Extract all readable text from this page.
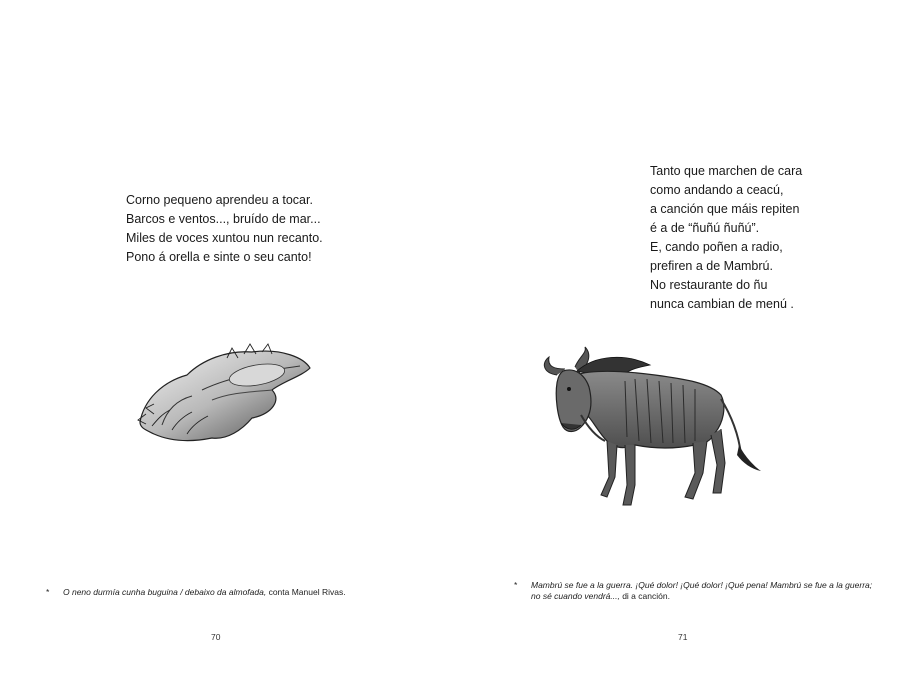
Corno pequeno aprendeu a tocar.
Barcos e ventos..., bruído de mar...
Miles de voces xuntou nun recanto.
Pono á orella e sinte o seu canto!
* O neno durmía cunha buguina / debaixo da almofada, conta Manuel Rivas.
70
Tanto que marchen de cara
como andando a ceacú,
a canción que máis repiten
é a de “ñuñú ñuñú”.
E, cando poñen a radio,
prefiren a de Mambrú.
No restaurante do ñu
nunca cambian de menú .
* Mambrú se fue a la guerra. ¡Qué dolor! ¡Qué dolor! ¡Qué pena! Mambrú se fue a la guerra; no sé cuando vendrá..., di a canción.
71
